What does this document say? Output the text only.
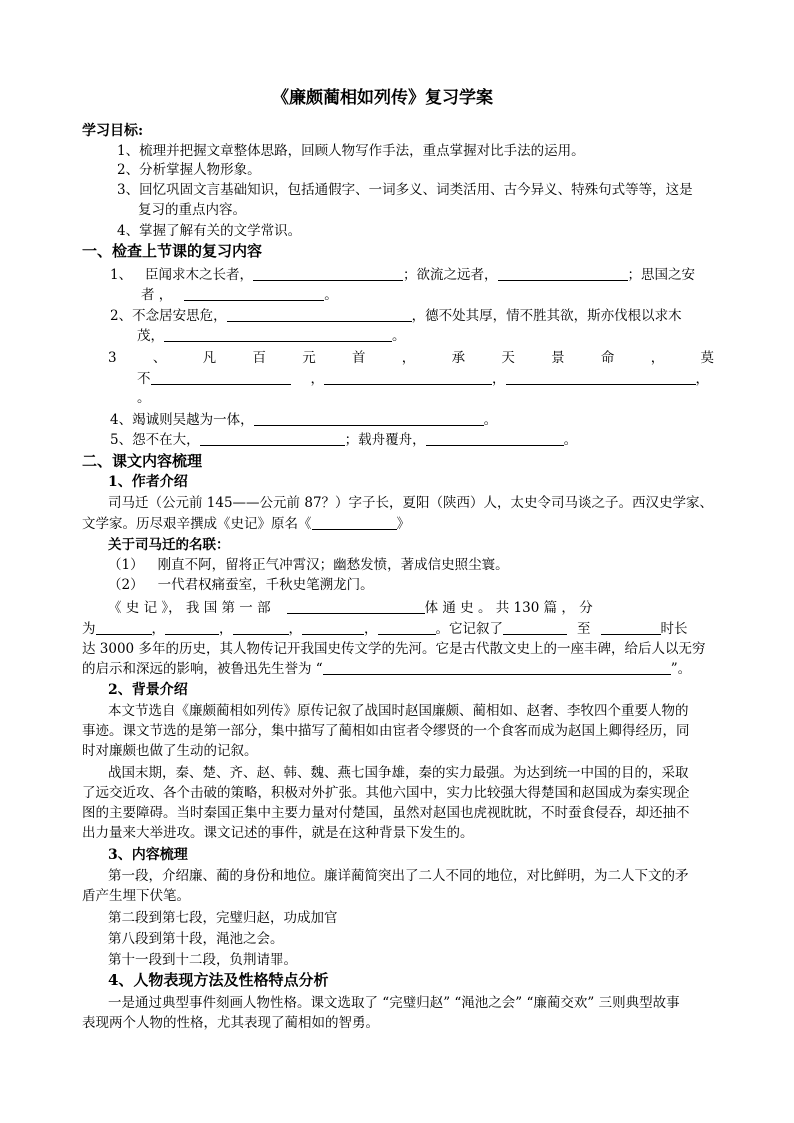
《廉颇蔺相如列传》复习学案
学习目标:
1、梳理并把握文章整体思路，回顾人物写作手法，重点掌握对比手法的运用。
2、分析掌握人物形象。
3、回忆巩固文言基础知识，包括通假字、一词多义、词类活用、古今异义、特殊句式等等，这是
复习的重点内容。
4、掌握了解有关的文学常识。
一、检查上节课的复习内容
1、 臣闻求木之长者，	；欲流之远者，	；思国之安
者 ，	。
2、不念居安思危，	，德不处其厚，情不胜其欲，斯亦伐根以求木
茂，	。
3	、	凡	百	元	首	，	承	天	景	命	，	莫
不	，	，	，
。
4、竭诚则吴越为一体，	。
5、怨不在大，	；载舟覆舟，	。
二、课文内容梳理
1、作者介绍
司马迁（公元前 145——公元前 87？）字子长，夏阳（陕西）人，太史令司马谈之子。西汉史学家、
文学家。历尽艰辛撰成《史记》原名《	》
关于司马迁的名联：
（1） 刚直不阿，留将正气冲霄汉；幽愁发愤，著成信史照尘寰。
（2） 一代君权痛蚕室，千秋史笔溯龙门。
《 史 记 》， 我 国 第 一 部	体 通 史 。 共 130 篇 ， 分
为	，	，	，	，	。它记叙了	至	时长
达 3000 多年的历史，其人物传记开我国史传文学的先河。它是古代散文史上的一座丰碑，给后人以无穷
的启示和深远的影响，被鲁迅先生誉为 “	”。
2、背景介绍
本文节选自《廉颇蔺相如列传》原传记叙了战国时赵国廉颇、蔺相如、赵奢、李牧四个重要人物的
事迹。课文节选的是第一部分，集中描写了蔺相如由宦者令缪贤的一个食客而成为赵国上卿得经历，同
时对廉颇也做了生动的记叙。
战国末期，秦、楚、齐、赵、韩、魏、燕七国争雄，秦的实力最强。为达到统一中国的目的，采取
了远交近攻、各个击破的策略，积极对外扩张。其他六国中，实力比较强大得楚国和赵国成为秦实现企
图的主要障碍。当时秦国正集中主要力量对付楚国，虽然对赵国也虎视眈眈，不时蚕食侵吞，却还抽不
出力量来大举进攻。课文记述的事件，就是在这种背景下发生的。
3、内容梳理
第一段，介绍廉、蔺的身份和地位。廉详蔺简突出了二人不同的地位，对比鲜明，为二人下文的矛
盾产生埋下伏笔。
第二段到第七段，完璧归赵，功成加官
第八段到第十段，渑池之会。
第十一段到十二段，负荆请罪。
4、人物表现方法及性格特点分析
一是通过典型事件刻画人物性格。课文选取了 “完璧归赵” “渑池之会” “廉蔺交欢” 三则典型故事
表现两个人物的性格，尤其表现了蔺相如的智勇。
